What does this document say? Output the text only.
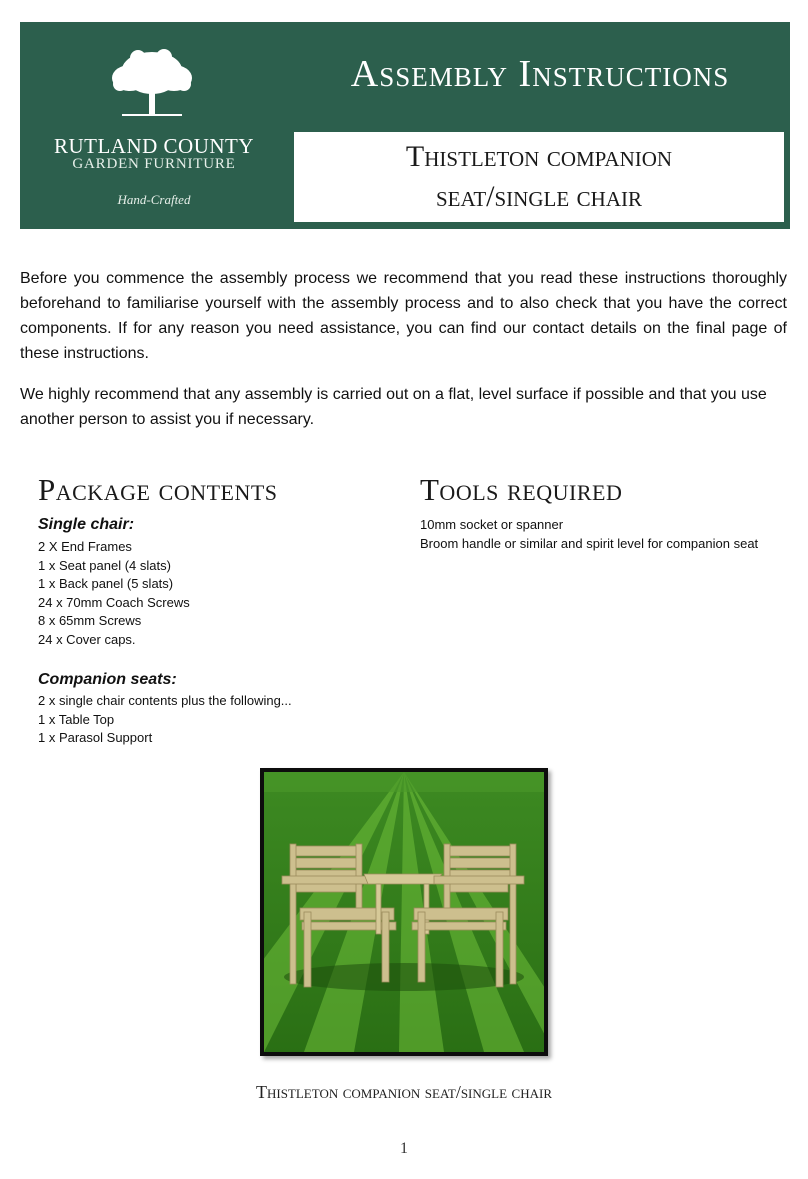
RUTLAND COUNTY
GARDEN FURNITURE
Hand-Crafted
Assembly Instructions
Thistleton companion seat/single chair

Before you commence the assembly process we recommend that you read these instructions thoroughly beforehand to familiarise yourself with the assembly process and to also check that you have the correct components. If for any reason you need assistance, you can find our contact details on the final page of these instructions.

We highly recommend that any assembly is carried out on a flat, level surface if possible and that you use another person to assist you if necessary.

Package contents
Single chair:
2 X End Frames
1 x Seat panel (4 slats)
1 x Back panel (5 slats)
24 x 70mm Coach Screws
8 x 65mm Screws
24 x Cover caps.
Companion seats:
2 x single chair contents plus the following...
1 x Table Top
1 x Parasol Support
Tools required
10mm socket or spanner
Broom handle or similar and spirit level for companion seat
Thistleton companion seat/single chair
1
